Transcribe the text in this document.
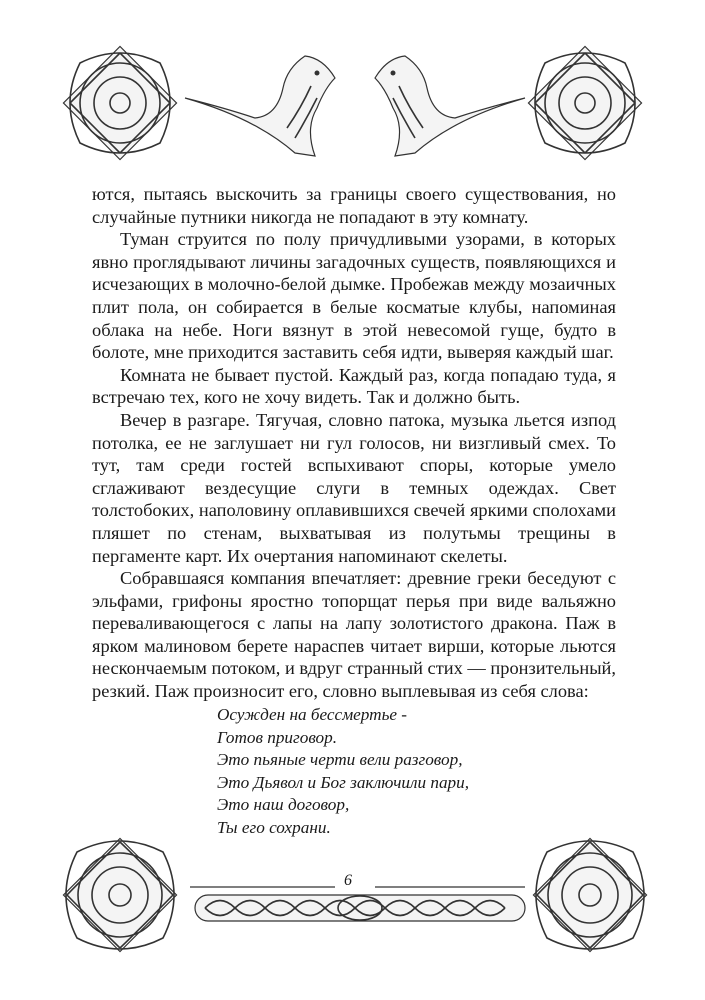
ются, пытаясь выскочить за границы своего существования, но случайные путники никогда не попадают в эту комнату.

Туман струится по полу причудливыми узорами, в которых явно проглядывают личины загадочных существ, появляющихся и исчезающих в молочно-белой дымке. Пробежав между мозаичных плит пола, он собирается в белые косматые клубы, напоминая облака на небе. Ноги вязнут в этой невесомой гуще, будто в болоте, мне приходится заставить себя идти, выверяя каждый шаг.

Комната не бывает пустой. Каждый раз, когда попадаю туда, я встречаю тех, кого не хочу видеть. Так и должно быть.

Вечер в разгаре. Тягучая, словно патока, музыка льется изпод потолка, ее не заглушает ни гул голосов, ни визгливый смех. То тут, там среди гостей вспыхивают споры, которые умело сглаживают вездесущие слуги в темных одеждах. Свет толстобоких, наполовину оплавившихся свечей яркими сполохами пляшет по стенам, выхватывая из полутьмы трещины в пергаменте карт. Их очертания напоминают скелеты.

Собравшаяся компания впечатляет: древние греки беседуют с эльфами, грифоны яростно топорщат перья при виде вальяжно переваливающегося с лапы на лапу золотистого дракона. Паж в ярком малиновом берете нараспев читает вирши, которые льются нескончаемым потоком, и вдруг странный стих — пронзительный, резкий. Паж произносит его, словно выплевывая из себя слова:

Осужден на бессмертье -
Готов приговор.
Это пьяные черти вели разговор,
Это Дьявол и Бог заключили пари,
Это наш договор,
Ты его сохрани.
6
